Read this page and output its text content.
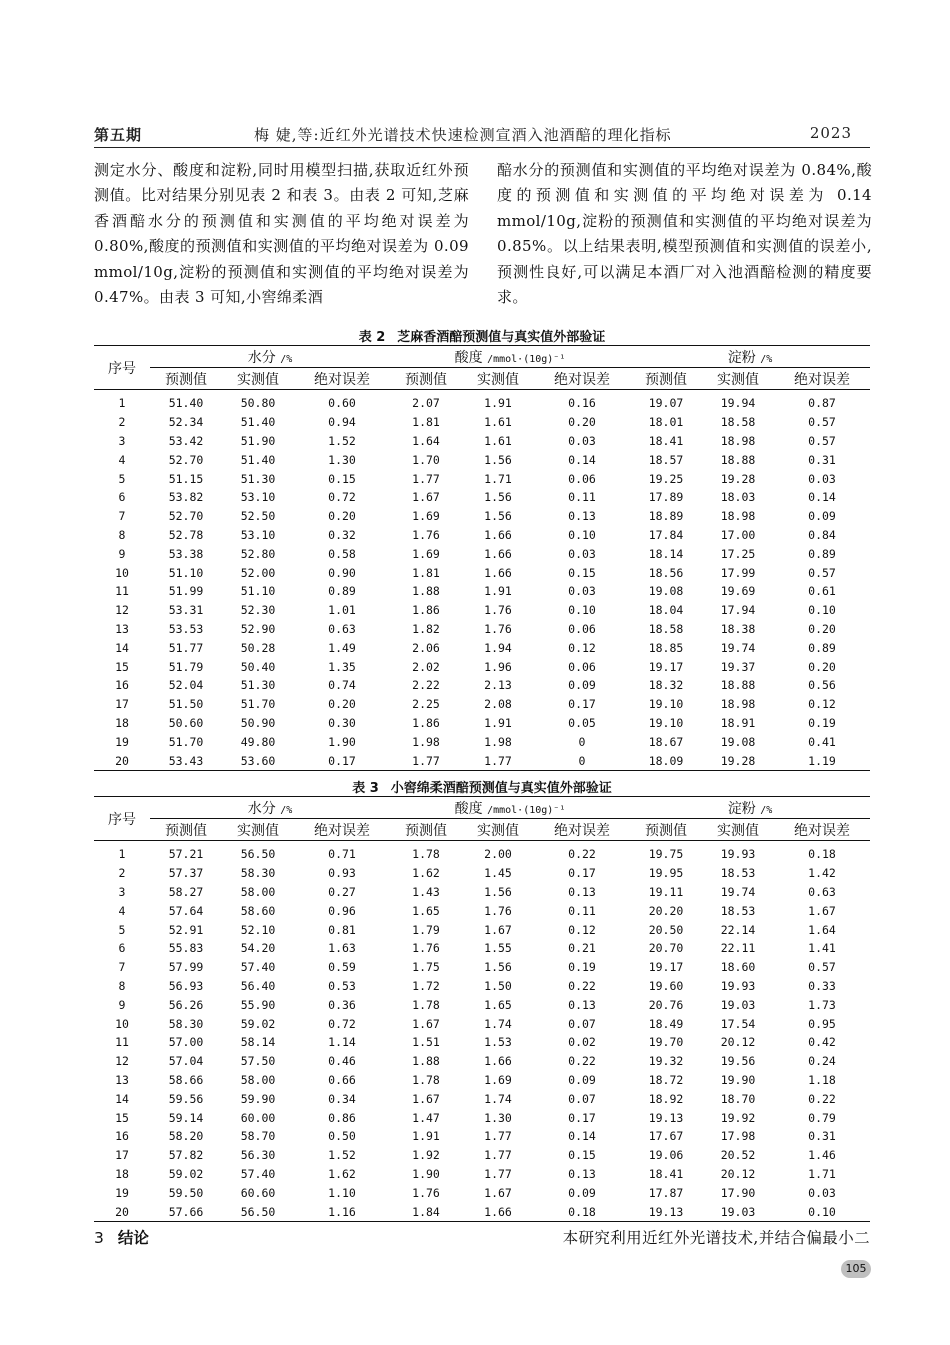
第五期	梅 婕,等:近红外光谱技术快速检测宣酒入池酒醅的理化指标	2023
测定水分、酸度和淀粉,同时用模型扫描,获取近红外预测值。比对结果分别见表 2 和表 3。由表 2 可知,芝麻香酒醅水分的预测值和实测值的平均绝对误差为 0.80%,酸度的预测值和实测值的平均绝对误差为 0.09 mmol/10g,淀粉的预测值和实测值的平均绝对误差为 0.47%。由表 3 可知,小窖绵柔酒
醅水分的预测值和实测值的平均绝对误差为 0.84%,酸度的预测值和实测值的平均绝对误差为 0.14 mmol/10g,淀粉的预测值和实测值的平均绝对误差为 0.85%。以上结果表明,模型预测值和实测值的误差小,预测性良好,可以满足本酒厂对入池酒醅检测的精度要求。
表 2 芝麻香酒醅预测值与真实值外部验证
序号	水分 /%			酸度 /mmol·(10g)⁻¹			淀粉 /%		
	预测值	实测值	绝对误差	预测值	实测值	绝对误差	预测值	实测值	绝对误差
1	51.40	50.80	0.60	2.07	1.91	0.16	19.07	19.94	0.87
2	52.34	51.40	0.94	1.81	1.61	0.20	18.01	18.58	0.57
3	53.42	51.90	1.52	1.64	1.61	0.03	18.41	18.98	0.57
4	52.70	51.40	1.30	1.70	1.56	0.14	18.57	18.88	0.31
5	51.15	51.30	0.15	1.77	1.71	0.06	19.25	19.28	0.03
6	53.82	53.10	0.72	1.67	1.56	0.11	17.89	18.03	0.14
7	52.70	52.50	0.20	1.69	1.56	0.13	18.89	18.98	0.09
8	52.78	53.10	0.32	1.76	1.66	0.10	17.84	17.00	0.84
9	53.38	52.80	0.58	1.69	1.66	0.03	18.14	17.25	0.89
10	51.10	52.00	0.90	1.81	1.66	0.15	18.56	17.99	0.57
11	51.99	51.10	0.89	1.88	1.91	0.03	19.08	19.69	0.61
12	53.31	52.30	1.01	1.86	1.76	0.10	18.04	17.94	0.10
13	53.53	52.90	0.63	1.82	1.76	0.06	18.58	18.38	0.20
14	51.77	50.28	1.49	2.06	1.94	0.12	18.85	19.74	0.89
15	51.79	50.40	1.35	2.02	1.96	0.06	19.17	19.37	0.20
16	52.04	51.30	0.74	2.22	2.13	0.09	18.32	18.88	0.56
17	51.50	51.70	0.20	2.25	2.08	0.17	19.10	18.98	0.12
18	50.60	50.90	0.30	1.86	1.91	0.05	19.10	18.91	0.19
19	51.70	49.80	1.90	1.98	1.98	0	18.67	19.08	0.41
20	53.43	53.60	0.17	1.77	1.77	0	18.09	19.28	1.19
表 3 小窖绵柔酒醅预测值与真实值外部验证
序号	水分 /%			酸度 /mmol·(10g)⁻¹			淀粉 /%		
	预测值	实测值	绝对误差	预测值	实测值	绝对误差	预测值	实测值	绝对误差
1	57.21	56.50	0.71	1.78	2.00	0.22	19.75	19.93	0.18
2	57.37	58.30	0.93	1.62	1.45	0.17	19.95	18.53	1.42
3	58.27	58.00	0.27	1.43	1.56	0.13	19.11	19.74	0.63
4	57.64	58.60	0.96	1.65	1.76	0.11	20.20	18.53	1.67
5	52.91	52.10	0.81	1.79	1.67	0.12	20.50	22.14	1.64
6	55.83	54.20	1.63	1.76	1.55	0.21	20.70	22.11	1.41
7	57.99	57.40	0.59	1.75	1.56	0.19	19.17	18.60	0.57
8	56.93	56.40	0.53	1.72	1.50	0.22	19.60	19.93	0.33
9	56.26	55.90	0.36	1.78	1.65	0.13	20.76	19.03	1.73
10	58.30	59.02	0.72	1.67	1.74	0.07	18.49	17.54	0.95
11	57.00	58.14	1.14	1.51	1.53	0.02	19.70	20.12	0.42
12	57.04	57.50	0.46	1.88	1.66	0.22	19.32	19.56	0.24
13	58.66	58.00	0.66	1.78	1.69	0.09	18.72	19.90	1.18
14	59.56	59.90	0.34	1.67	1.74	0.07	18.92	18.70	0.22
15	59.14	60.00	0.86	1.47	1.30	0.17	19.13	19.92	0.79
16	58.20	58.70	0.50	1.91	1.77	0.14	17.67	17.98	0.31
17	57.82	56.30	1.52	1.92	1.77	0.15	19.06	20.52	1.46
18	59.02	57.40	1.62	1.90	1.77	0.13	18.41	20.12	1.71
19	59.50	60.60	1.10	1.76	1.67	0.09	17.87	17.90	0.03
20	57.66	56.50	1.16	1.84	1.66	0.18	19.13	19.03	0.10
3 结论	本研究利用近红外光谱技术,并结合偏最小二
105
